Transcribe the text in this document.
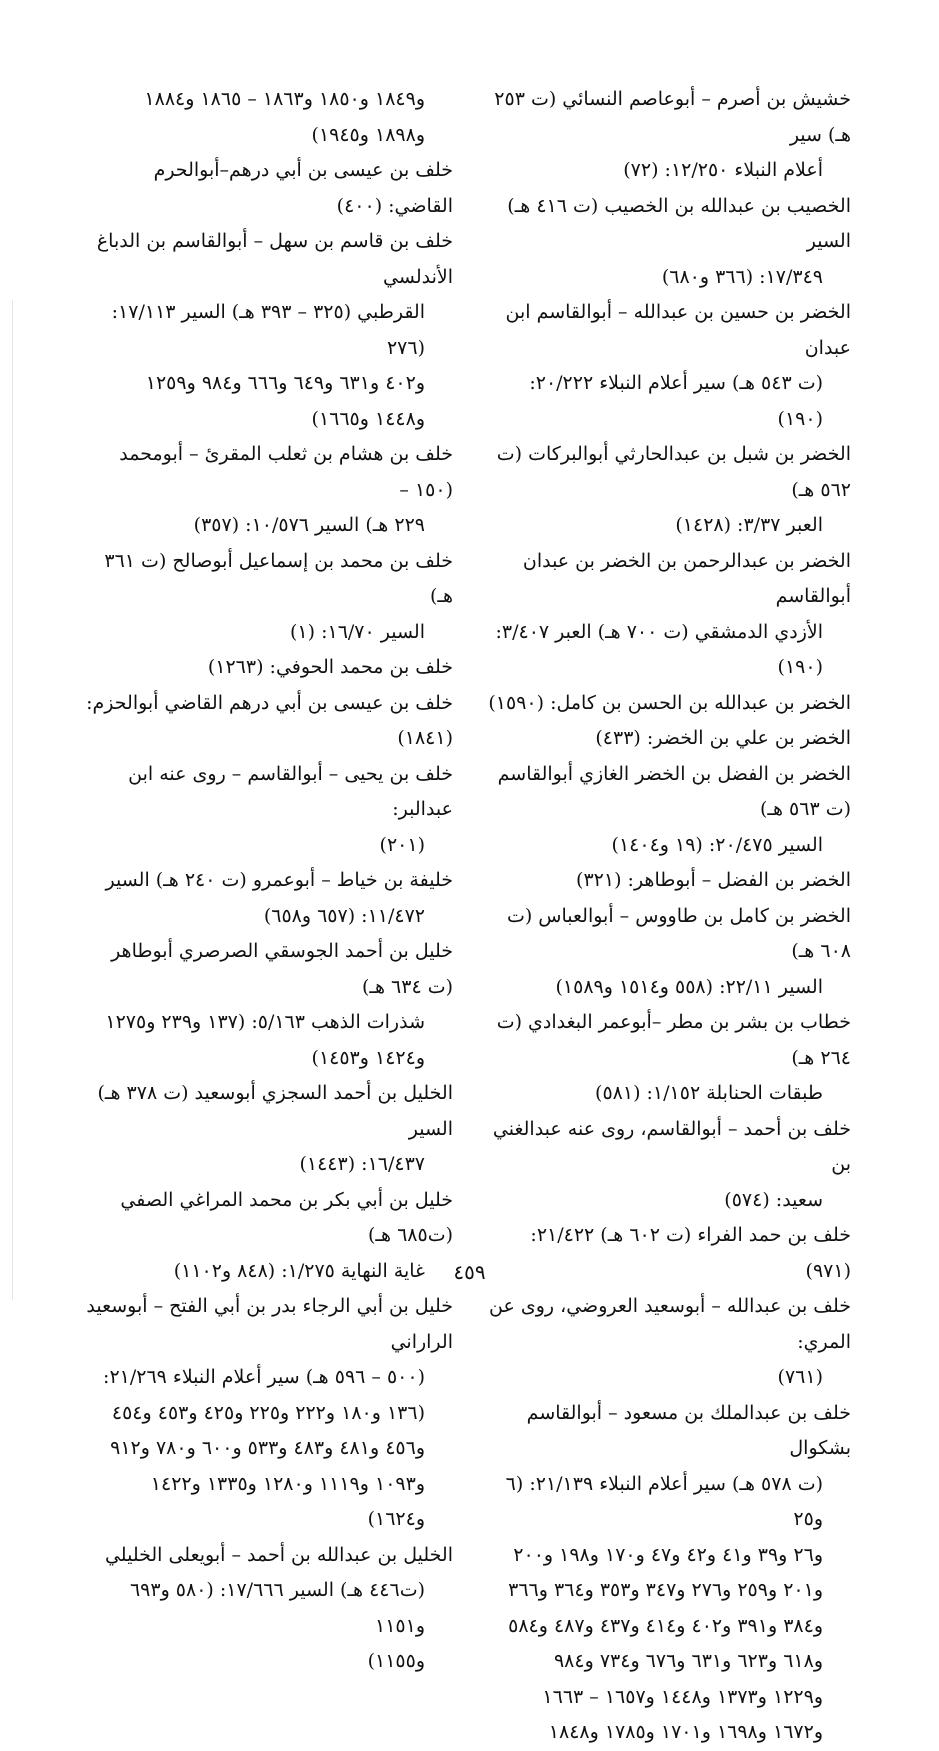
خشيش بن أصرم – أبوعاصم النسائي (ت ٢٥٣ هـ) سير
أعلام النبلاء ١٢/٢٥٠: (٧٢)
الخصيب بن عبدالله بن الخصيب (ت ٤١٦ هـ) السير
١٧/٣٤٩: (٣٦٦ و٦٨٠)
الخضر بن حسين بن عبدالله – أبوالقاسم ابن عبدان
(ت ٥٤٣ هـ) سير أعلام النبلاء ٢٠/٢٢٢: (١٩٠)
الخضر بن شبل بن عبدالحارثي أبوالبركات (ت ٥٦٢ هـ)
العبر ٣/٣٧: (١٤٢٨)
الخضر بن عبدالرحمن بن الخضر بن عبدان أبوالقاسم
الأزدي الدمشقي (ت ٧٠٠ هـ) العبر ٣/٤٠٧:
(١٩٠)
الخضر بن عبدالله بن الحسن بن كامل: (١٥٩٠)
الخضر بن علي بن الخضر: (٤٣٣)
الخضر بن الفضل بن الخضر الغازي أبوالقاسم (ت ٥٦٣ هـ)
السير ٢٠/٤٧٥: (١٩ و١٤٠٤)
الخضر بن الفضل – أبوطاهر: (٣٢١)
الخضر بن كامل بن طاووس – أبوالعباس (ت ٦٠٨ هـ)
السير ٢٢/١١: (٥٥٨ و١٥١٤ و١٥٨٩)
خطاب بن بشر بن مطر –أبوعمر البغدادي (ت ٢٦٤ هـ)
طبقات الحنابلة ١/١٥٢: (٥٨١)
خلف بن أحمد – أبوالقاسم، روى عنه عبدالغني بن
سعيد: (٥٧٤)
خلف بن حمد الفراء (ت ٦٠٢ هـ) ٢١/٤٢٢: (٩٧١)
خلف بن عبدالله – أبوسعيد العروضي، روى عن المري:
(٧٦١)
خلف بن عبدالملك بن مسعود – أبوالقاسم بشكوال
(ت ٥٧٨ هـ) سير أعلام النبلاء ٢١/١٣٩: (٦ و٢٥
و٢٦ و٣٩ و٤١ و٤٢ و٤٧ و١٧٠ و١٩٨ و٢٠٠
و٢٠١ و٢٥٩ و٢٧٦ و٣٤٧ و٣٥٣ و٣٦٤ و٣٦٦
و٣٨٤ و٣٩١ و٤٠٢ و٤١٤ و٤٣٧ و٤٨٧ و٥٨٤
و٦١٨ و٦٢٣ و٦٣١ و٦٧٦ و٧٣٤ و٩٨٤
و١٢٢٩ و١٣٧٣ و١٤٤٨ و١٦٥٧ – ١٦٦٣
و١٦٧٢ و١٦٩٨ و١٧٠١ و١٧٨٥ و١٨٤٨
و١٨٤٩ و١٨٥٠ و١٨٦٣ – ١٨٦٥ و١٨٨٤
و١٨٩٨ و١٩٤٥)
خلف بن عيسى بن أبي درهم–أبوالحرم القاضي: (٤٠٠)
خلف بن قاسم بن سهل – أبوالقاسم بن الدباغ الأندلسي
القرطبي (٣٢٥ – ٣٩٣ هـ) السير ١٧/١١٣: (٢٧٦
و٤٠٢ و٦٣١ و٦٤٩ و٦٦٦ و٩٨٤ و١٢٥٩
و١٤٤٨ و١٦٦٥)
خلف بن هشام بن ثعلب المقرئ – أبومحمد (١٥٠ –
٢٢٩ هـ) السير ١٠/٥٧٦: (٣٥٧)
خلف بن محمد بن إسماعيل أبوصالح (ت ٣٦١ هـ)
السير ١٦/٧٠: (١)
خلف بن محمد الحوفي: (١٢٦٣)
خلف بن عيسى بن أبي درهم القاضي أبوالحزم: (١٨٤١)
خلف بن يحيى – أبوالقاسم – روى عنه ابن عبدالبر:
(٢٠١)
خليفة بن خياط – أبوعمرو (ت ٢٤٠ هـ) السير
١١/٤٧٢: (٦٥٧ و٦٥٨)
خليل بن أحمد الجوسقي الصرصري أبوطاهر (ت ٦٣٤ هـ)
شذرات الذهب ٥/١٦٣: (١٣٧ و٢٣٩ و١٢٧٥
و١٤٢٤ و١٤٥٣)
الخليل بن أحمد السجزي أبوسعيد (ت ٣٧٨ هـ) السير
١٦/٤٣٧: (١٤٤٣)
خليل بن أبي بكر بن محمد المراغي الصفي (ت٦٨٥ هـ)
غاية النهاية ١/٢٧٥: (٨٤٨ و١١٠٢)
خليل بن أبي الرجاء بدر بن أبي الفتح – أبوسعيد الراراني
(٥٠٠ – ٥٩٦ هـ) سير أعلام النبلاء ٢١/٢٦٩:
(١٣٦ و١٨٠ و٢٢٢ و٢٢٥ و٤٢٥ و٤٥٣ و٤٥٤
و٤٥٦ و٤٨١ و٤٨٣ و٥٣٣ و٦٠٠ و٧٨٠ و٩١٢
و١٠٩٣ و١١١٩ و١٢٨٠ و١٣٣٥ و١٤٢٢
و١٦٢٤)
الخليل بن عبدالله بن أحمد – أبويعلى الخليلي
(ت٤٤٦ هـ) السير ١٧/٦٦٦: (٥٨٠ و٦٩٣ و١١٥١
و١١٥٥)
٤٥٩
